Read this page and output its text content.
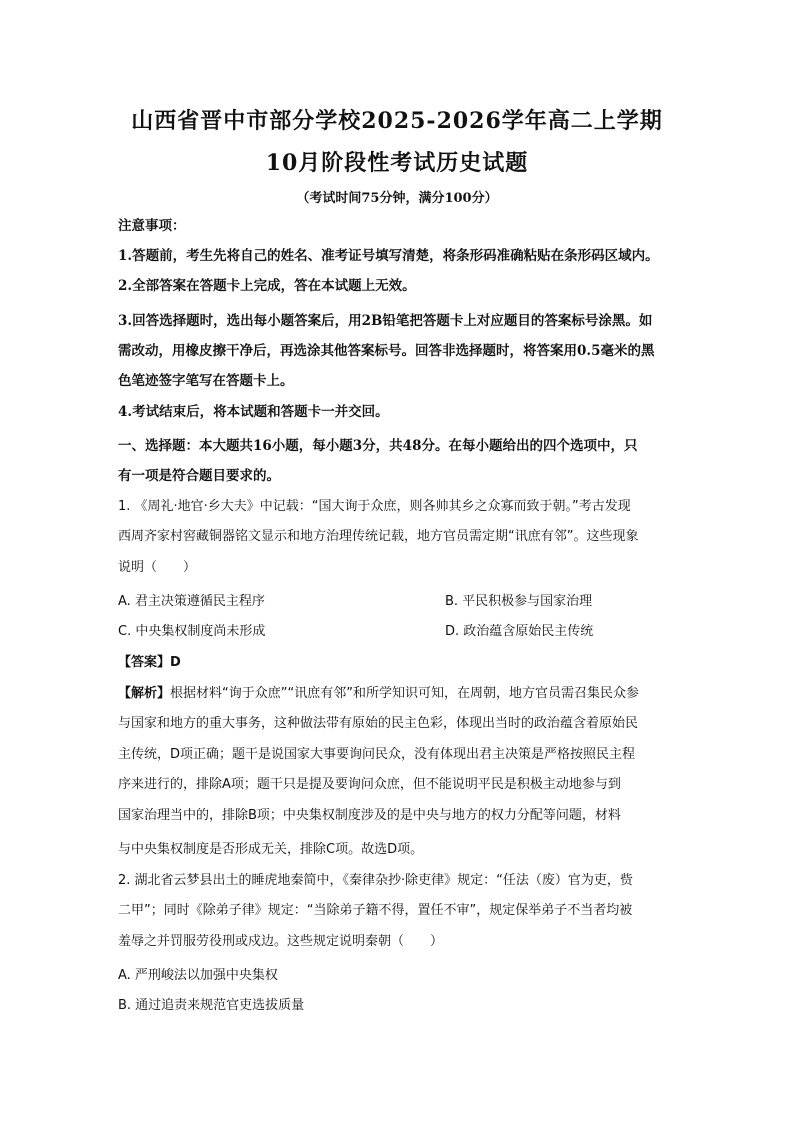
山西省晋中市部分学校2025-2026学年高二上学期
10月阶段性考试历史试题
（考试时间75分钟，满分100分）
注意事项：
1.答题前，考生先将自己的姓名、准考证号填写清楚，将条形码准确粘贴在条形码区域内。
2.全部答案在答题卡上完成，答在本试题上无效。
3.回答选择题时，选出每小题答案后，用2B铅笔把答题卡上对应题目的答案标号涂黑。如
需改动，用橡皮擦干净后，再选涂其他答案标号。回答非选择题时，将答案用0.5毫米的黑
色笔迹签字笔写在答题卡上。
4.考试结束后，将本试题和答题卡一并交回。
一、选择题：本大题共16小题，每小题3分，共48分。在每小题给出的四个选项中，只
有一项是符合题目要求的。
1. 《周礼·地官·乡大夫》中记载：“国大询于众庶，则各帅其乡之众寡而致于朝。”考古发现
西周齐家村窖藏铜器铭文显示和地方治理传统记载，地方官员需定期“讯庶有邻”。这些现象
说明（　　）
A. 君主决策遵循民主程序	B. 平民积极参与国家治理
C. 中央集权制度尚未形成	D. 政治蕴含原始民主传统
【答案】D
【解析】根据材料“询于众庶”“讯庶有邻”和所学知识可知，在周朝，地方官员需召集民众参
与国家和地方的重大事务，这种做法带有原始的民主色彩，体现出当时的政治蕴含着原始民
主传统，D项正确；题干是说国家大事要询问民众，没有体现出君主决策是严格按照民主程
序来进行的，排除A项；题干只是提及要询问众庶，但不能说明平民是积极主动地参与到
国家治理当中的，排除B项；中央集权制度涉及的是中央与地方的权力分配等问题，材料
与中央集权制度是否形成无关，排除C项。故选D项。
2. 湖北省云梦县出土的睡虎地秦简中，《秦律杂抄·除吏律》规定：“任法（废）官为吏，赀
二甲”；同时《除弟子律》规定：“当除弟子籍不得，置任不审”，规定保举弟子不当者均被
羞辱之并罚服劳役刑或戍边。这些规定说明秦朝（　　）
A. 严刑峻法以加强中央集权
B. 通过追责来规范官吏选拔质量
